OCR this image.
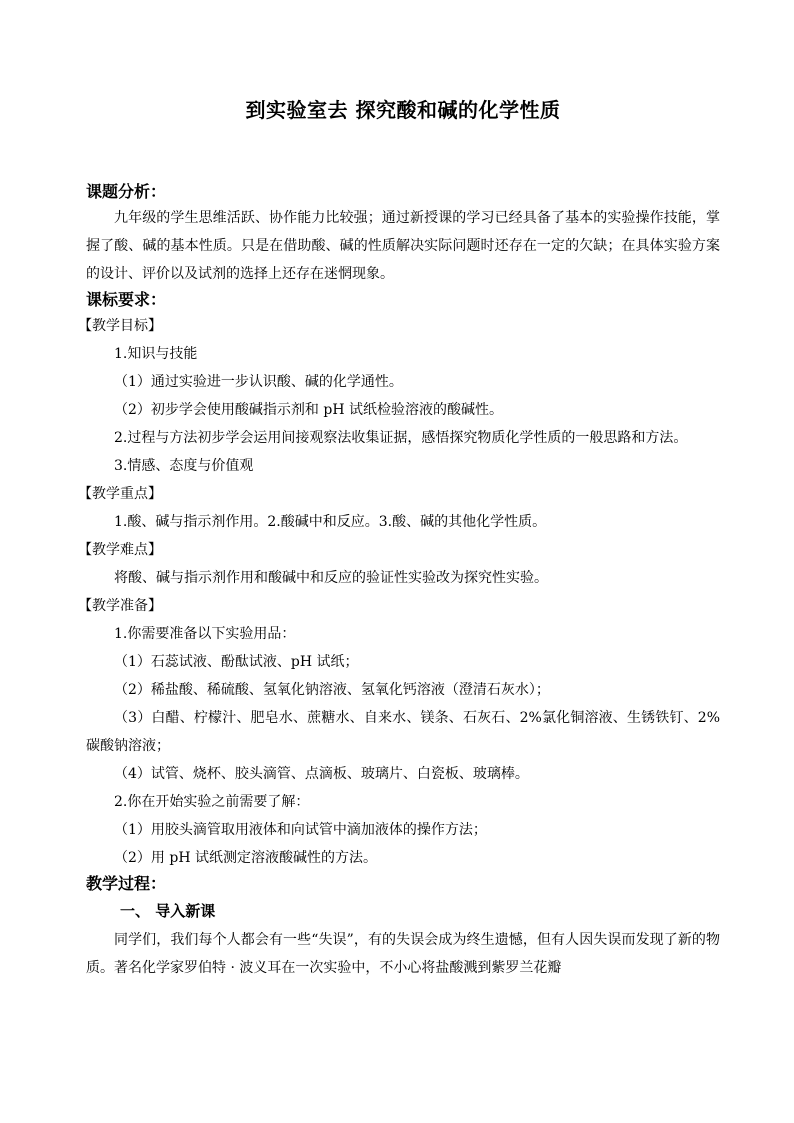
到实验室去 探究酸和碱的化学性质
课题分析：

九年级的学生思维活跃、协作能力比较强；通过新授课的学习已经具备了基本的实验操作技能，掌握了酸、碱的基本性质。只是在借助酸、碱的性质解决实际问题时还存在一定的欠缺；在具体实验方案的设计、评价以及试剂的选择上还存在迷惘现象。

课标要求：

【教学目标】

1.知识与技能

（1）通过实验进一步认识酸、碱的化学通性。

（2）初步学会使用酸碱指示剂和 pH 试纸检验溶液的酸碱性。

2.过程与方法初步学会运用间接观察法收集证据，感悟探究物质化学性质的一般思路和方法。

3.情感、态度与价值观

【教学重点】

1.酸、碱与指示剂作用。2.酸碱中和反应。3.酸、碱的其他化学性质。

【教学难点】

将酸、碱与指示剂作用和酸碱中和反应的验证性实验改为探究性实验。

【教学准备】

1.你需要准备以下实验用品：

（1）石蕊试液、酚酞试液、pH 试纸；

（2）稀盐酸、稀硫酸、氢氧化钠溶液、氢氧化钙溶液（澄清石灰水）；

（3）白醋、柠檬汁、肥皂水、蔗糖水、自来水、镁条、石灰石、2%氯化铜溶液、生锈铁钉、2%碳酸钠溶液；

（4）试管、烧杯、胶头滴管、点滴板、玻璃片、白瓷板、玻璃棒。

2.你在开始实验之前需要了解：

（1）用胶头滴管取用液体和向试管中滴加液体的操作方法；

（2）用 pH 试纸测定溶液酸碱性的方法。

教学过程：

一、 导入新课

同学们，我们每个人都会有一些“失误”，有的失误会成为终生遗憾，但有人因失误而发现了新的物质。著名化学家罗伯特 · 波义耳在一次实验中，不小心将盐酸溅到紫罗兰花瓣
